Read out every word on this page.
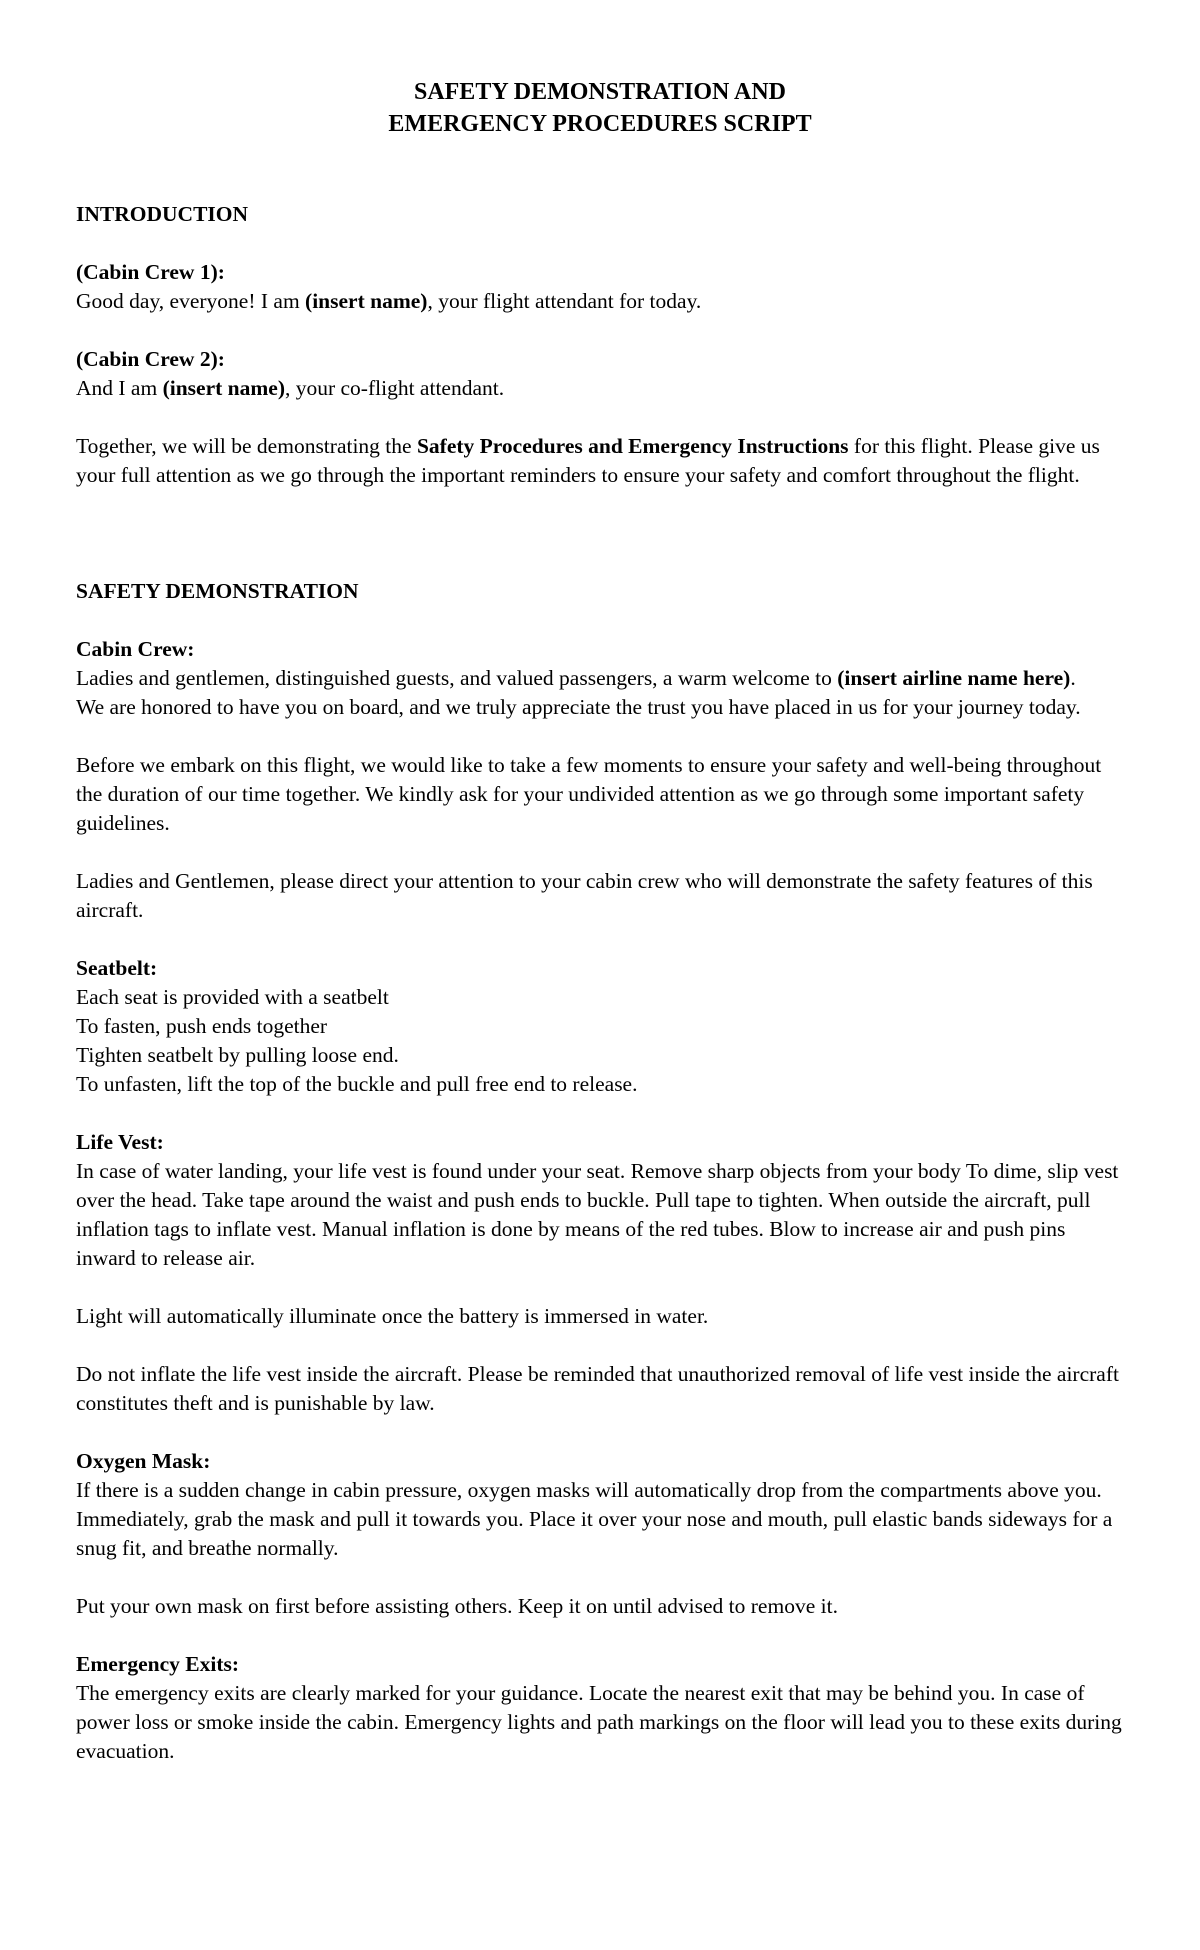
SAFETY DEMONSTRATION AND
EMERGENCY PROCEDURES SCRIPT

INTRODUCTION

(Cabin Crew 1):

Good day, everyone! I am (insert name), your flight attendant for today.

(Cabin Crew 2):

And I am (insert name), your co-flight attendant.

Together, we will be demonstrating the Safety Procedures and Emergency Instructions for this flight. Please give us your full attention as we go through the important reminders to ensure your safety and comfort throughout the flight.

SAFETY DEMONSTRATION

Cabin Crew:

Ladies and gentlemen, distinguished guests, and valued passengers, a warm welcome to (insert airline name here).

We are honored to have you on board, and we truly appreciate the trust you have placed in us for your journey today.

Before we embark on this flight, we would like to take a few moments to ensure your safety and well-being throughout the duration of our time together. We kindly ask for your undivided attention as we go through some important safety guidelines.

Ladies and Gentlemen, please direct your attention to your cabin crew who will demonstrate the safety features of this aircraft.

Seatbelt:

Each seat is provided with a seatbelt

To fasten, push ends together

Tighten seatbelt by pulling loose end.

To unfasten, lift the top of the buckle and pull free end to release.

Life Vest:

In case of water landing, your life vest is found under your seat. Remove sharp objects from your body To dime, slip vest over the head. Take tape around the waist and push ends to buckle. Pull tape to tighten. When outside the aircraft, pull inflation tags to inflate vest. Manual inflation is done by means of the red tubes. Blow to increase air and push pins inward to release air.

Light will automatically illuminate once the battery is immersed in water.

Do not inflate the life vest inside the aircraft. Please be reminded that unauthorized removal of life vest inside the aircraft constitutes theft and is punishable by law.

Oxygen Mask:

If there is a sudden change in cabin pressure, oxygen masks will automatically drop from the compartments above you. Immediately, grab the mask and pull it towards you. Place it over your nose and mouth, pull elastic bands sideways for a snug fit, and breathe normally.

Put your own mask on first before assisting others. Keep it on until advised to remove it.

Emergency Exits:

The emergency exits are clearly marked for your guidance. Locate the nearest exit that may be behind you. In case of power loss or smoke inside the cabin. Emergency lights and path markings on the floor will lead you to these exits during evacuation.
